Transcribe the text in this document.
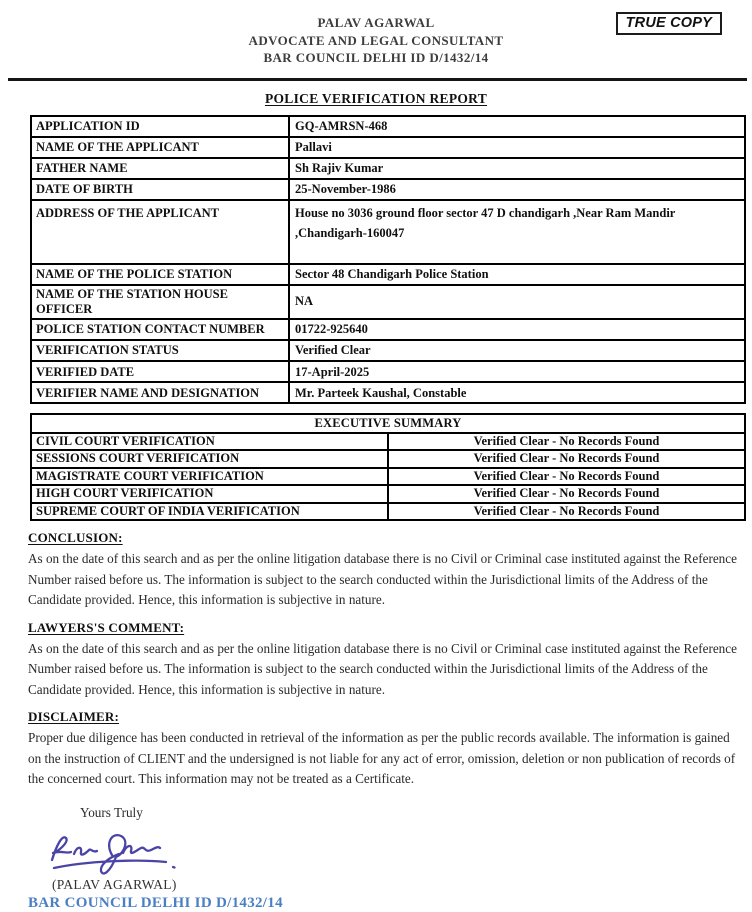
PALAV AGARWAL
ADVOCATE AND LEGAL CONSULTANT
BAR COUNCIL DELHI ID D/1432/14
TRUE COPY
POLICE VERIFICATION REPORT
APPLICATION ID	GQ-AMRSN-468
NAME OF THE APPLICANT	Pallavi
FATHER NAME	Sh Rajiv Kumar
DATE OF BIRTH	25-November-1986
ADDRESS OF THE APPLICANT	House no 3036 ground floor sector 47 D chandigarh ,Near Ram Mandir ,Chandigarh-160047
NAME OF THE POLICE STATION	Sector 48 Chandigarh Police Station
NAME OF THE STATION HOUSE OFFICER	NA
POLICE STATION CONTACT NUMBER	01722-925640
VERIFICATION STATUS	Verified Clear
VERIFIED DATE	17-April-2025
VERIFIER NAME AND DESIGNATION	Mr. Parteek Kaushal, Constable
EXECUTIVE SUMMARY	
CIVIL COURT VERIFICATION	Verified Clear - No Records Found
SESSIONS COURT VERIFICATION	Verified Clear - No Records Found
MAGISTRATE COURT VERIFICATION	Verified Clear - No Records Found
HIGH COURT VERIFICATION	Verified Clear - No Records Found
SUPREME COURT OF INDIA VERIFICATION	Verified Clear - No Records Found
CONCLUSION:
As on the date of this search and as per the online litigation database there is no Civil or Criminal case instituted against the Reference Number raised before us. The information is subject to the search conducted within the Jurisdictional limits of the Address of the Candidate provided. Hence, this information is subjective in nature.
LAWYERS'S COMMENT:
As on the date of this search and as per the online litigation database there is no Civil or Criminal case instituted against the Reference Number raised before us. The information is subject to the search conducted within the Jurisdictional limits of the Address of the Candidate provided. Hence, this information is subjective in nature.
DISCLAIMER:
Proper due diligence has been conducted in retrieval of the information as per the public records available. The information is gained on the instruction of CLIENT and the undersigned is not liable for any act of error, omission, deletion or non publication of records of the concerned court. This information may not be treated as a Certificate.
Yours Truly
(PALAV AGARWAL)
BAR COUNCIL DELHI ID D/1432/14
